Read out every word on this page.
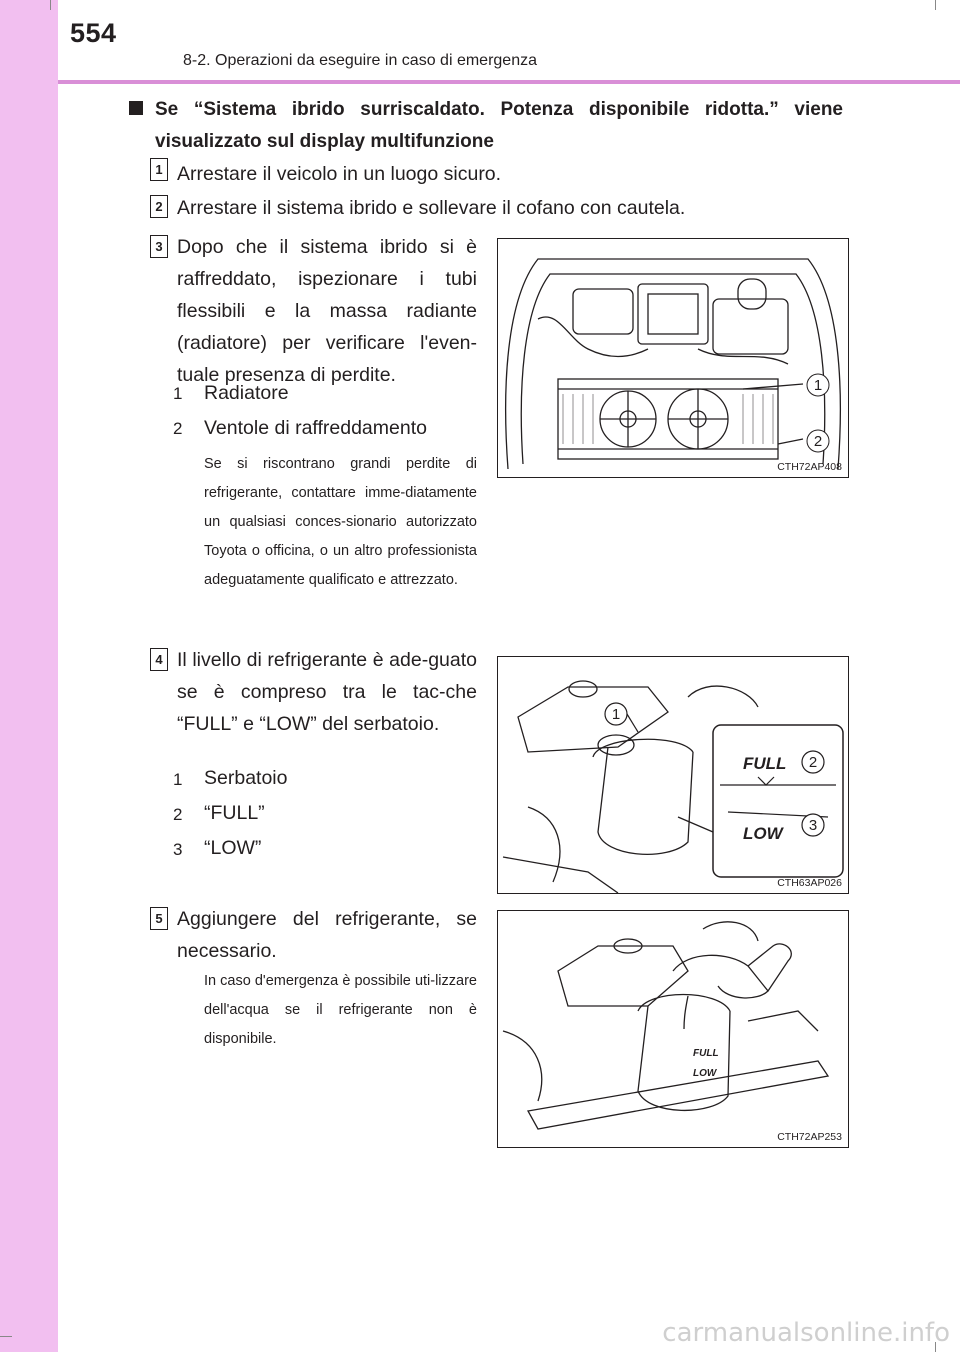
554
8-2. Operazioni da eseguire in caso di emergenza
Se “Sistema ibrido surriscaldato. Potenza disponibile ridotta.” viene visualizzato sul display multifunzione
1 Arrestare il veicolo in un luogo sicuro.
2 Arrestare il sistema ibrido e sollevare il cofano con cautela.
3 Dopo che il sistema ibrido si è raffreddato, ispezionare i tubi flessibili e la massa radiante (radiatore) per verificare l'even-tuale presenza di perdite.
1 Radiatore
2 Ventole di raffreddamento
Se si riscontrano grandi perdite di refrigerante, contattare imme-diatamente un qualsiasi conces-sionario autorizzato Toyota o officina, o un altro professionista adeguatamente qualificato e attrezzato.
1
2
CTH72AP408
4 Il livello di refrigerante è ade-guato se è compreso tra le tac-che “FULL” e “LOW” del serbatoio.
1 Serbatoio
2 “FULL”
3 “LOW”
FULL
LOW
1
2
3
CTH63AP026
5 Aggiungere del refrigerante, se necessario.
In caso d'emergenza è possibile uti-lizzare dell'acqua se il refrigerante non è disponibile.
FULL
LOW
CTH72AP253
carmanualsonline.info
